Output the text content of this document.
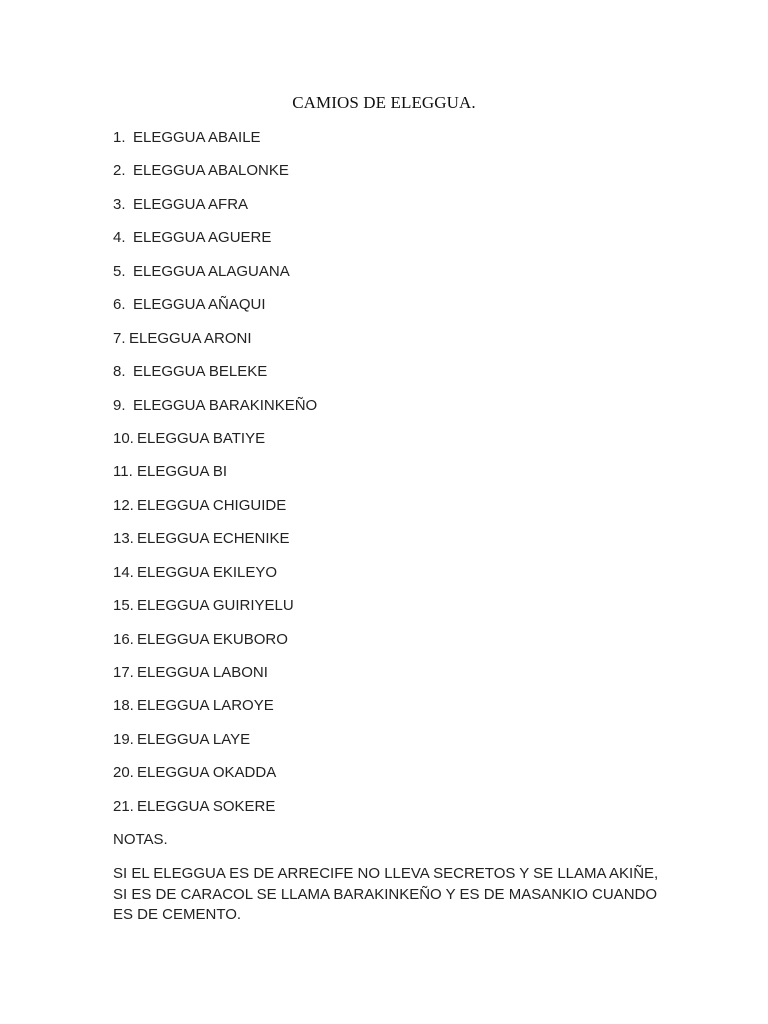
CAMIOS DE ELEGGUA.
1. ELEGGUA ABAILE
2. ELEGGUA ABALONKE
3. ELEGGUA AFRA
4. ELEGGUA AGUERE
5. ELEGGUA ALAGUANA
6. ELEGGUA AÑAQUI
7. ELEGGUA ARONI
8. ELEGGUA BELEKE
9. ELEGGUA BARAKINKEÑO
10. ELEGGUA BATIYE
11. ELEGGUA BI
12. ELEGGUA CHIGUIDE
13. ELEGGUA ECHENIKE
14. ELEGGUA EKILEYO
15. ELEGGUA GUIRIYELU
16. ELEGGUA EKUBORO
17. ELEGGUA LABONI
18. ELEGGUA LAROYE
19. ELEGGUA LAYE
20. ELEGGUA OKADDA
21. ELEGGUA SOKERE
NOTAS.
SI EL ELEGGUA ES DE ARRECIFE NO LLEVA SECRETOS Y SE LLAMA AKIÑE, SI ES DE CARACOL SE LLAMA BARAKINKEÑO Y ES DE MASANKIO CUANDO ES DE CEMENTO.
